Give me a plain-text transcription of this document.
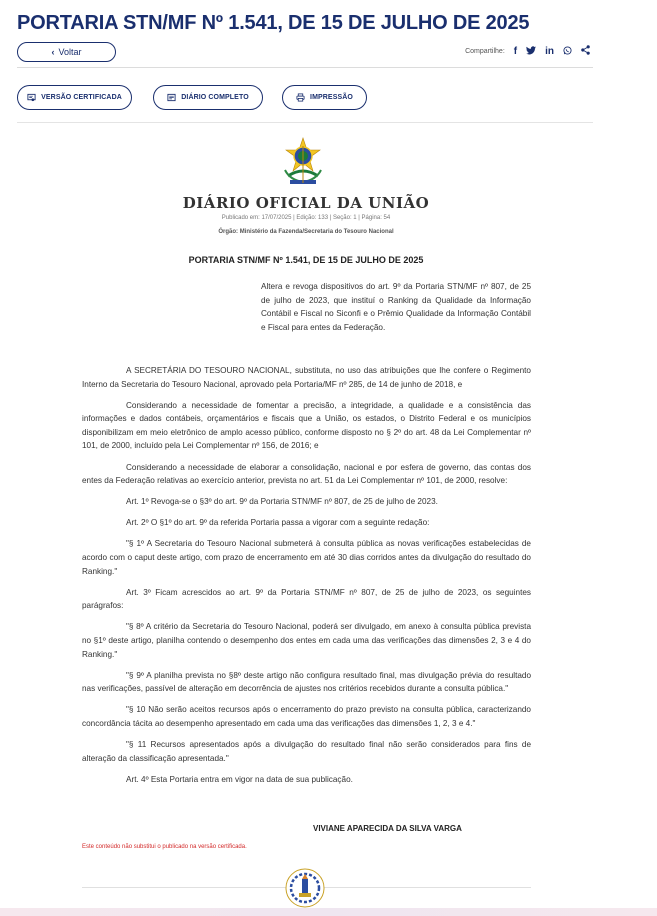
PORTARIA STN/MF Nº 1.541, DE 15 DE JULHO DE 2025
‹ Voltar	Compartilhe: f	in
VERSÃO CERTIFICADA	DIÁRIO COMPLETO	IMPRESSÃO
DIÁRIO OFICIAL DA UNIÃO
Publicado em: 17/07/2025 | Edição: 133 | Seção: 1 | Página: 54
Órgão: Ministério da Fazenda/Secretaria do Tesouro Nacional
PORTARIA STN/MF Nº 1.541, DE 15 DE JULHO DE 2025
Altera e revoga dispositivos do art. 9º da Portaria STN/MF nº 807, de 25 de julho de 2023, que instituí o Ranking da Qualidade da Informação Contábil e Fiscal no Siconfi e o Prêmio Qualidade da Informação Contábil e Fiscal para entes da Federação.

A SECRETÁRIA DO TESOURO NACIONAL, substituta, no uso das atribuições que lhe confere o Regimento Interno da Secretaria do Tesouro Nacional, aprovado pela Portaria/MF nº 285, de 14 de junho de 2018, e

Considerando a necessidade de fomentar a precisão, a integridade, a qualidade e a consistência das informações e dados contábeis, orçamentários e fiscais que a União, os estados, o Distrito Federal e os municípios disponibilizam em meio eletrônico de amplo acesso público, conforme disposto no § 2º do art. 48 da Lei Complementar nº 101, de 2000, incluído pela Lei Complementar nº 156, de 2016; e

Considerando a necessidade de elaborar a consolidação, nacional e por esfera de governo, das contas dos entes da Federação relativas ao exercício anterior, prevista no art. 51 da Lei Complementar nº 101, de 2000, resolve:

Art. 1º Revoga-se o §3º do art. 9º da Portaria STN/MF nº 807, de 25 de julho de 2023.

Art. 2º O §1º do art. 9º da referida Portaria passa a vigorar com a seguinte redação:

"§ 1º A Secretaria do Tesouro Nacional submeterá à consulta pública as novas verificações estabelecidas de acordo com o caput deste artigo, com prazo de encerramento em até 30 dias corridos antes da divulgação do resultado do Ranking."

Art. 3º Ficam acrescidos ao art. 9º da Portaria STN/MF nº 807, de 25 de julho de 2023, os seguintes parágrafos:

"§ 8º A critério da Secretaria do Tesouro Nacional, poderá ser divulgado, em anexo à consulta pública prevista no §1º deste artigo, planilha contendo o desempenho dos entes em cada uma das verificações das dimensões 2, 3 e 4 do Ranking."

"§ 9º A planilha prevista no §8º deste artigo não configura resultado final, mas divulgação prévia do resultado nas verificações, passível de alteração em decorrência de ajustes nos critérios recebidos durante a consulta pública."

"§ 10 Não serão aceitos recursos após o encerramento do prazo previsto na consulta pública, caracterizando concordância tácita ao desempenho apresentado em cada uma das verificações das dimensões 1, 2, 3 e 4."

"§ 11 Recursos apresentados após a divulgação do resultado final não serão considerados para fins de alteração da classificação apresentada."

Art. 4º Esta Portaria entra em vigor na data de sua publicação.

VIVIANE APARECIDA DA SILVA VARGA
Este conteúdo não substitui o publicado na versão certificada.
